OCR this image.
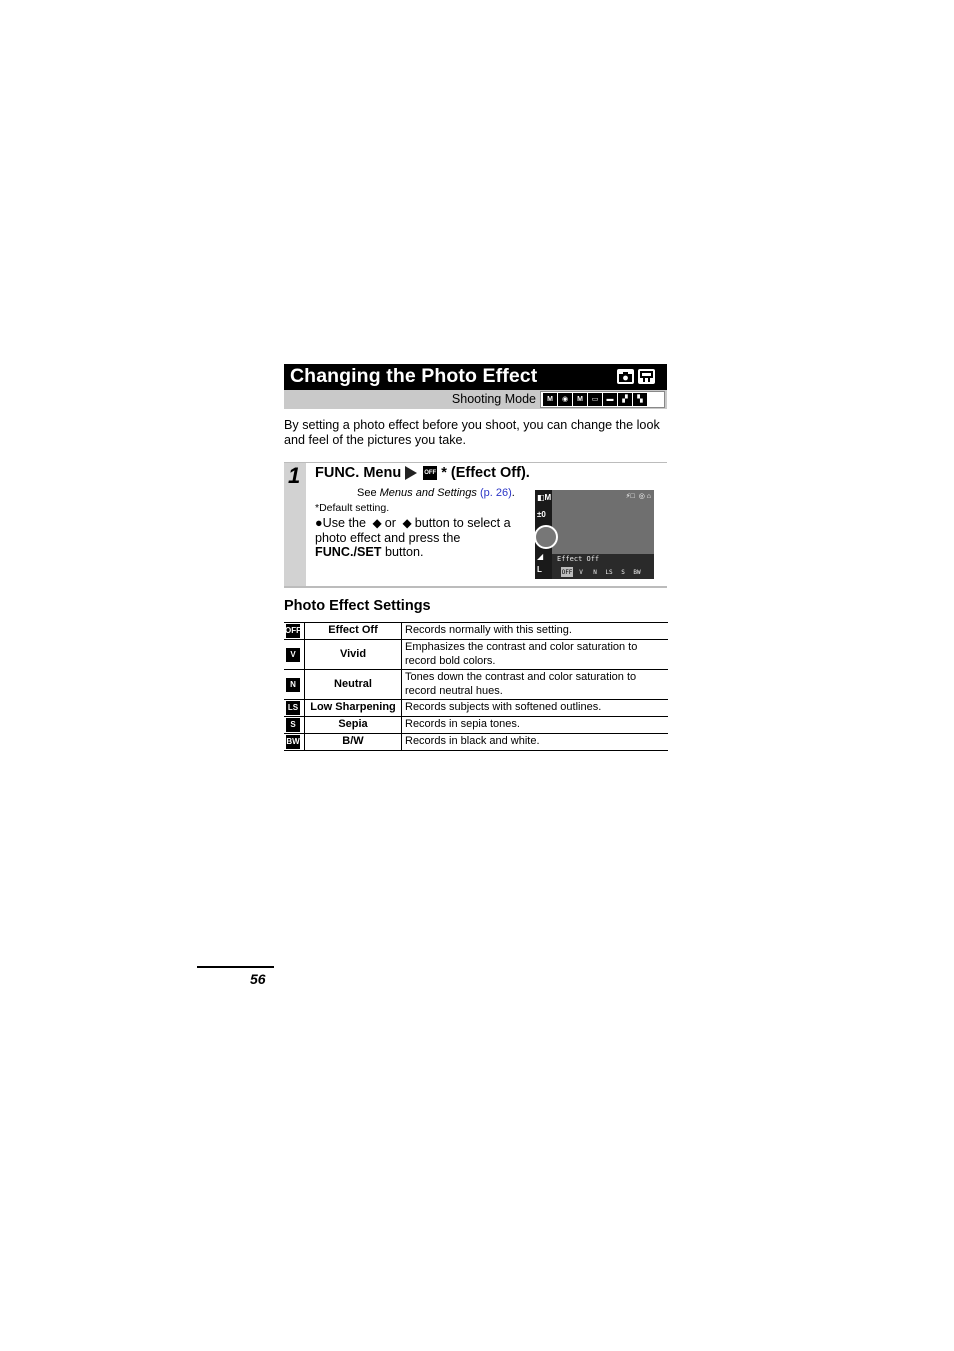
Changing the Photo Effect
Shooting Mode	M	◉	M	▭	▬	▞	▚
By setting a photo effect before you shoot, you can change the look and feel of the pictures you take.
1 FUNC. Menu	OFF * (Effect Off).
See Menus and Settings (p. 26).
*Default setting.
●Use the ◆ or ◆ button to select a photo effect and press the FUNC./SET button.
◧M
±0
◢
L
⚡□ ◎ ⌂
Effect Off
OFF	V	N	LS	S	BW
Photo Effect Settings
OFF	Effect Off	Records normally with this setting.

V	Vivid	Emphasizes the contrast and color saturation to record bold colors.

N	Neutral	Tones down the contrast and color saturation to record neutral hues.

LS	Low Sharpening	Records subjects with softened outlines.

S	Sepia	Records in sepia tones.

BW	B/W	Records in black and white.
56
